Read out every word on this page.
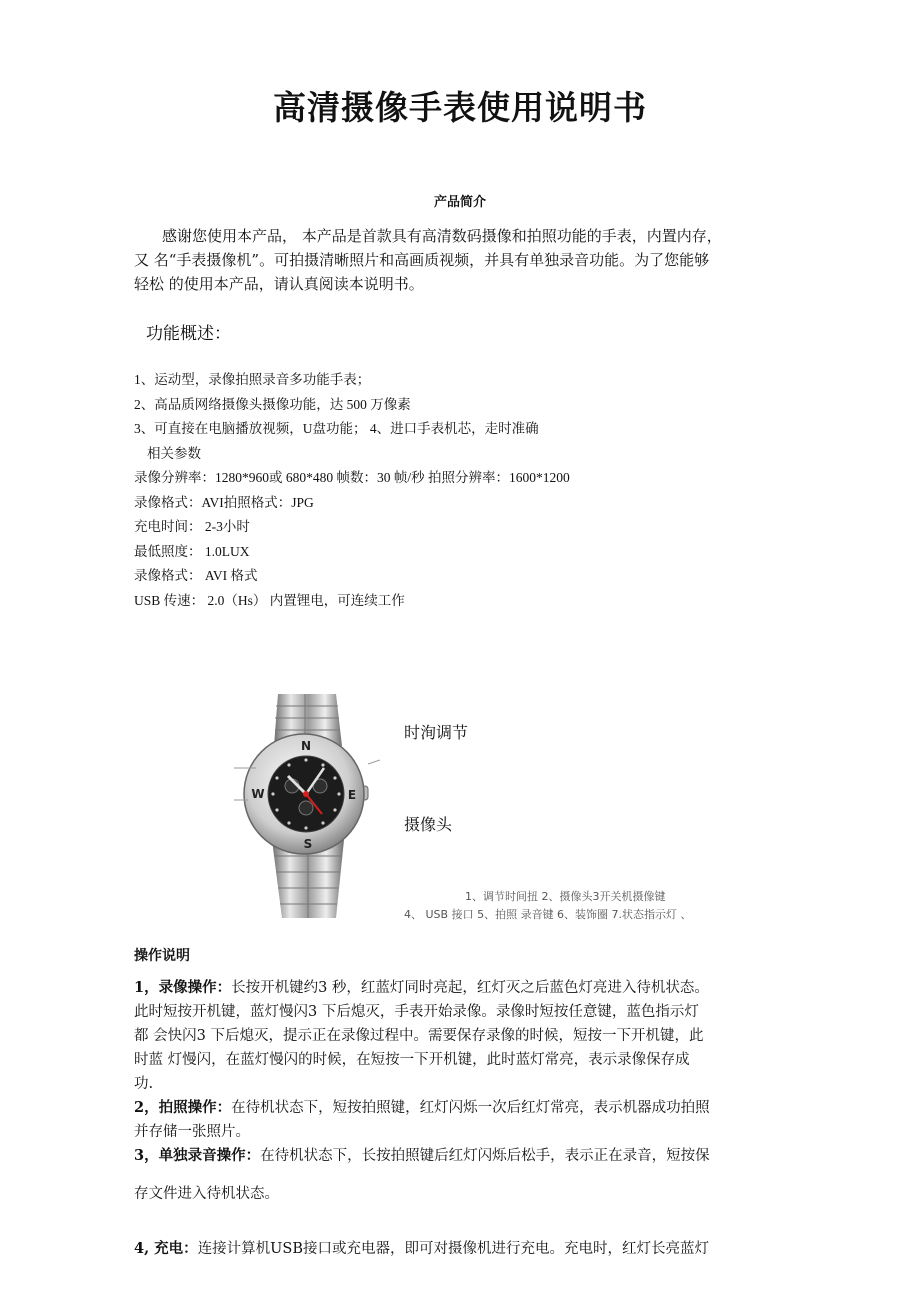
高清摄像手表使用说明书
产品简介
感谢您使用本产品， 本产品是首款具有高清数码摄像和拍照功能的手表，内置内存，
又 名“手表摄像机”。可拍摄清晰照片和高画质视频，并具有单独录音功能。为了您能够
轻松 的使用本产品，请认真阅读本说明书。
功能概述：
1、运动型，录像拍照录音多功能手表；
2、高品质网络摄像头摄像功能，达 500 万像素
3、可直接在电脑播放视频，U盘功能； 4、进口手表机芯，走时准确
相关参数
录像分辨率：1280*960或 680*480 帧数：30 帧/秒 拍照分辨率：1600*1200
录像格式：AVI拍照格式：JPG
充电时间： 2-3小时
最低照度： 1.0LUX
录像格式： AVI 格式
USB 传速： 2.0（Hs） 内置锂电，可连续工作
N
E
S
W
时洵调节
摄像头
1、调节时间扭 2、摄像头3开关机摄像键
4、 USB 接口 5、拍照 录音键 6、装饰圈 7.状态指示灯 、
操作说明
1，录像操作：长按开机键约3 秒，红蓝灯同时亮起，红灯灭之后蓝色灯亮进入待机状态。
此时短按开机键，蓝灯慢闪3 下后熄灭，手表开始录像。录像时短按任意键，蓝色指示灯
都 会快闪3 下后熄灭，提示正在录像过程中。需要保存录像的时候，短按一下开机键，此
时蓝 灯慢闪，在蓝灯慢闪的时候，在短按一下开机键，此时蓝灯常亮，表示录像保存成
功.
2，拍照操作：在待机状态下，短按拍照键，红灯闪烁一次后红灯常亮，表示机器成功拍照
并存储一张照片。
3，单独录音操作：在待机状态下，长按拍照键后红灯闪烁后松手，表示正在录音，短按保
存文件进入待机状态。
4, 充电：连接计算机USB接口或充电器，即可对摄像机进行充电。充电时，红灯长亮蓝灯
